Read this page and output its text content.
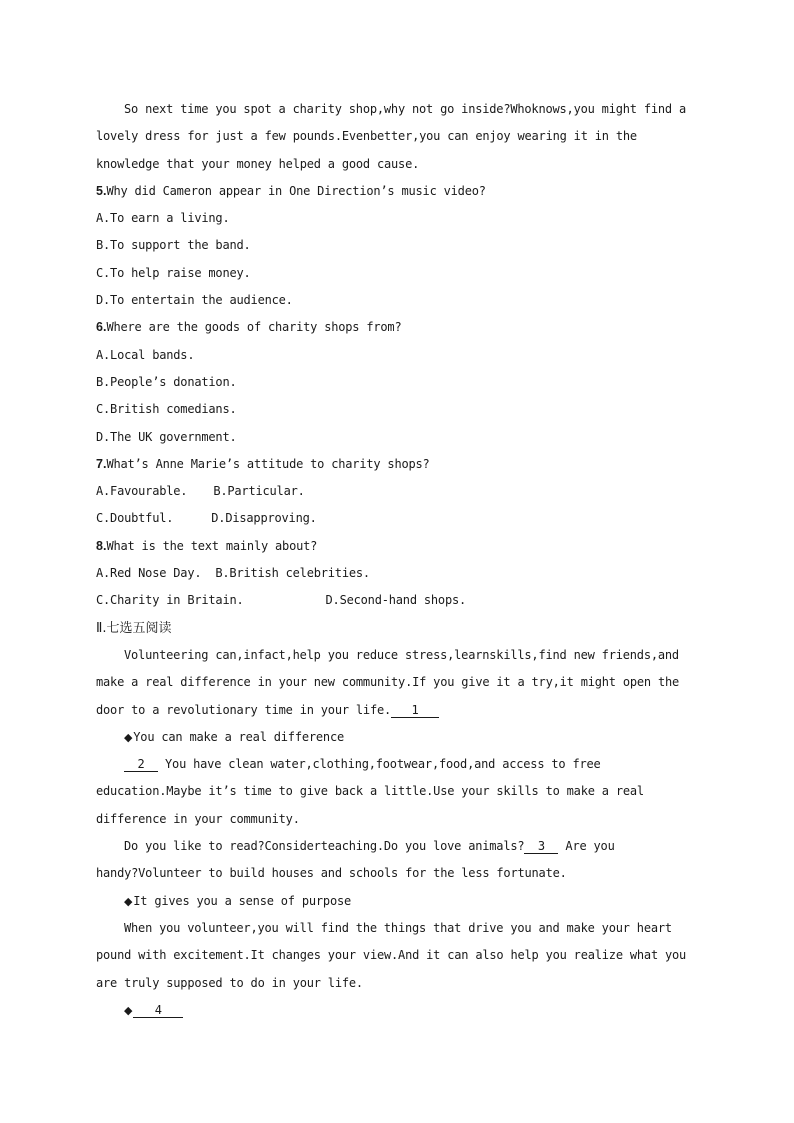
So next time you spot a charity shop,why not go inside?Whoknows,you might find a
lovely dress for just a few pounds.Evenbetter,you can enjoy wearing it in the
knowledge that your money helped a good cause.
5.Why did Cameron appear in One Direction’s music video?
A.To earn a living.
B.To support the band.
C.To help raise money.
D.To entertain the audience.
6.Where are the goods of charity shops from?
A.Local bands.
B.People’s donation.
C.British comedians.
D.The UK government.
7.What’s Anne Marie’s attitude to charity shops?
A.Favourable. B.Particular.
C.Doubtful.	D.Disapproving.
8.What is the text mainly about?
A.Red Nose Day. B.British celebrities.
C.Charity in Britain.	D.Second-hand shops.
Ⅱ.七选五阅读
Volunteering can,infact,help you reduce stress,learnskills,find new friends,and
make a real difference in your new community.If you give it a try,it might open the
door to a revolutionary time in your life. 1
◆You can make a real difference
2 You have clean water,clothing,footwear,food,and access to free
education.Maybe it’s time to give back a little.Use your skills to make a real
difference in your community.
Do you like to read?Considerteaching.Do you love animals? 3 Are you
handy?Volunteer to build houses and schools for the less fortunate.
◆It gives you a sense of purpose
When you volunteer,you will find the things that drive you and make your heart
pound with excitement.It changes your view.And it can also help you realize what you
are truly supposed to do in your life.
◆ 4
